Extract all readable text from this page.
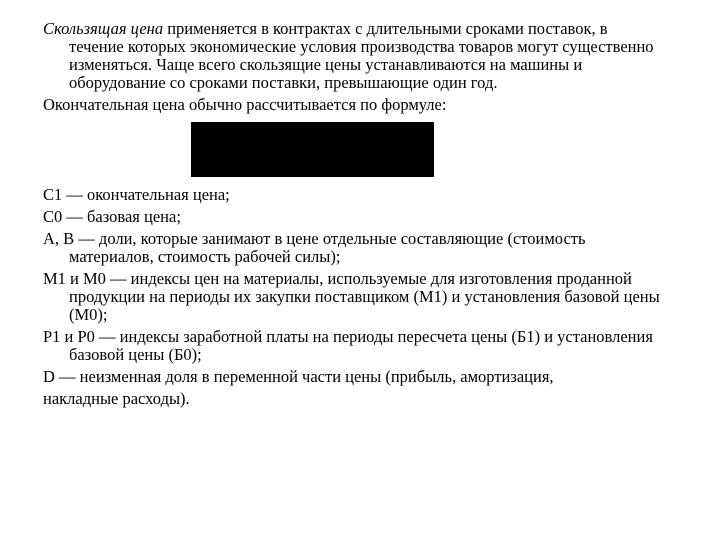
Скользящая цена применяется в контрактах с длительными сроками поставок, в течение которых экономические условия производства товаров могут существенно изменяться. Чаще всего скользящие цены устанавливаются на машины и оборудование со сроками поставки, превышающие один год.

Окончательная цена обычно рассчитывается по формуле:

С1 — окончательная цена;

С0 — базовая цена;

А, В — доли, которые занимают в цене отдельные составляющие (стоимость материалов, стоимость рабочей силы);

М1 и М0 — индексы цен на материалы, используемые для изготовления проданной продукции на периоды их закупки поставщиком (М1) и установления базовой цены (М0);

Р1 и Р0 — индексы заработной платы на периоды пересчета цены (Б1) и установления базовой цены (Б0);

D — неизменная доля в переменной части цены (прибыль, амортизация,

накладные расходы).
